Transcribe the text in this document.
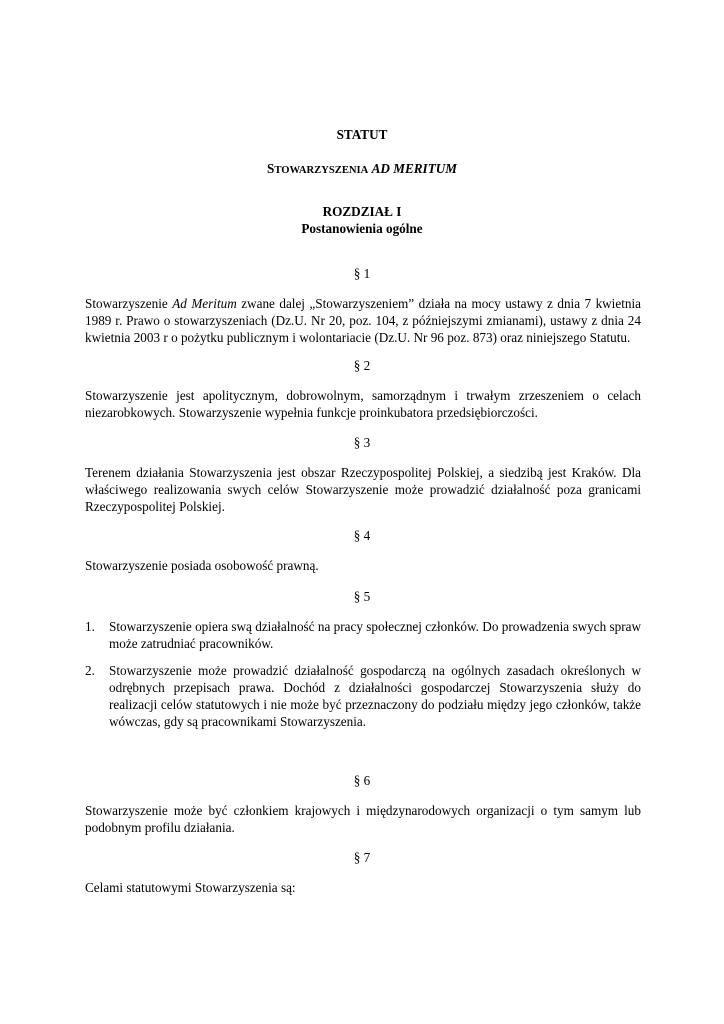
STATUT

STOWARZYSZENIA AD MERITUM

ROZDZIAŁ I

Postanowienia ogólne

§ 1

Stowarzyszenie Ad Meritum zwane dalej „Stowarzyszeniem” działa na mocy ustawy z dnia 7 kwietnia 1989 r. Prawo o stowarzyszeniach (Dz.U. Nr 20, poz. 104, z późniejszymi zmianami), ustawy z dnia 24 kwietnia 2003 r o pożytku publicznym i wolontariacie (Dz.U. Nr 96 poz. 873) oraz niniejszego Statutu.

§ 2

Stowarzyszenie jest apolitycznym, dobrowolnym, samorządnym i trwałym zrzeszeniem o celach niezarobkowych. Stowarzyszenie wypełnia funkcje proinkubatora przedsiębiorczości.

§ 3

Terenem działania Stowarzyszenia jest obszar Rzeczypospolitej Polskiej, a siedzibą jest Kraków. Dla właściwego realizowania swych celów Stowarzyszenie może prowadzić działalność poza granicami Rzeczypospolitej Polskiej.

§ 4

Stowarzyszenie posiada osobowość prawną.

§ 5

1.	Stowarzyszenie opiera swą działalność na pracy społecznej członków. Do prowadzenia swych spraw może zatrudniać pracowników.
2.	Stowarzyszenie może prowadzić działalność gospodarczą na ogólnych zasadach określonych w odrębnych przepisach prawa. Dochód z działalności gospodarczej Stowarzyszenia służy do realizacji celów statutowych i nie może być przeznaczony do podziału między jego członków, także wówczas, gdy są pracownikami Stowarzyszenia.

§ 6

Stowarzyszenie może być członkiem krajowych i międzynarodowych organizacji o tym samym lub podobnym profilu działania.

§ 7

Celami statutowymi Stowarzyszenia są:
